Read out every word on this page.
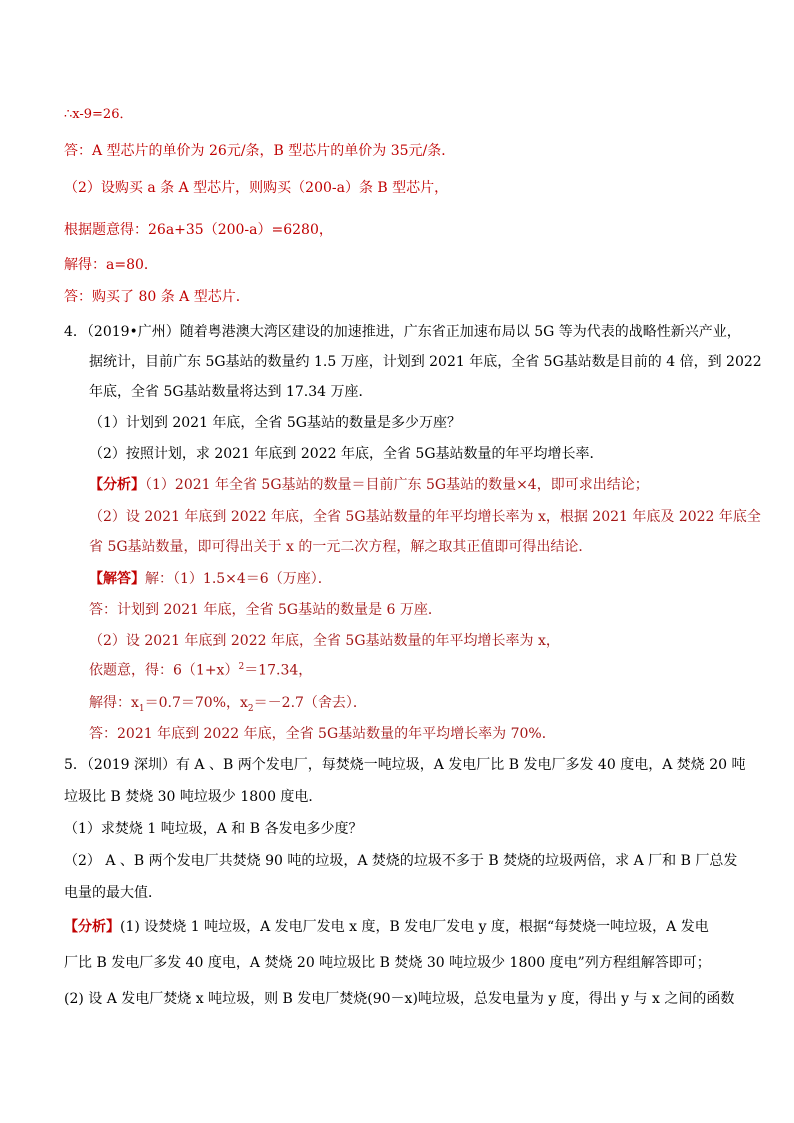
∴x-9=26．
答：A 型芯片的单价为 26元/条，B 型芯片的单价为 35元/条．
（2）设购买 a 条 A 型芯片，则购买（200-a）条 B 型芯片，
根据题意得：26a+35（200-a）=6280，
解得：a=80．
答：购买了 80 条 A 型芯片．
4．（2019•广州）随着粤港澳大湾区建设的加速推进，广东省正加速布局以 5G 等为代表的战略性新兴产业，
据统计，目前广东 5G基站的数量约 1.5 万座，计划到 2021 年底，全省 5G基站数是目前的 4 倍，到 2022
年底，全省 5G基站数量将达到 17.34 万座．
（1）计划到 2021 年底，全省 5G基站的数量是多少万座？
（2）按照计划，求 2021 年底到 2022 年底，全省 5G基站数量的年平均增长率．
【分析】（1）2021 年全省 5G基站的数量＝目前广东 5G基站的数量×4，即可求出结论；
（2）设 2021 年底到 2022 年底，全省 5G基站数量的年平均增长率为 x，根据 2021 年底及 2022 年底全
省 5G基站数量，即可得出关于 x 的一元二次方程，解之取其正值即可得出结论．
【解答】解：（1）1.5×4＝6（万座）．
答：计划到 2021 年底，全省 5G基站的数量是 6 万座．
（2）设 2021 年底到 2022 年底，全省 5G基站数量的年平均增长率为 x，
依题意，得：$6(1+x)^2=17.34$，
解得：$x_1=0.7=70\%$，$x_2=-2.7$（舍去）．
答：2021 年底到 2022 年底，全省 5G基站数量的年平均增长率为 70%．
5．（2019 深圳）有 A 、B 两个发电厂，每焚烧一吨垃圾，A 发电厂比 B 发电厂多发 40 度电，A 焚烧 20 吨
垃圾比 B 焚烧 30 吨垃圾少 1800 度电．
（1）求焚烧 1 吨垃圾，A 和 B 各发电多少度？
（2） A 、B 两个发电厂共焚烧 90 吨的垃圾，A 焚烧的垃圾不多于 B 焚烧的垃圾两倍，求 A 厂和 B 厂总发
电量的最大值．
【分析】(1) 设焚烧 1 吨垃圾，A 发电厂发电 x 度，B 发电厂发电 y 度，根据“每焚烧一吨垃圾，A 发电
厂比 B 发电厂多发 40 度电，A 焚烧 20 吨垃圾比 B 焚烧 30 吨垃圾少 1800 度电”列方程组解答即可；
(2) 设 A 发电厂焚烧 x 吨垃圾，则 B 发电厂焚烧(90－x)吨垃圾，总发电量为 y 度，得出 y 与 x 之间的函数
